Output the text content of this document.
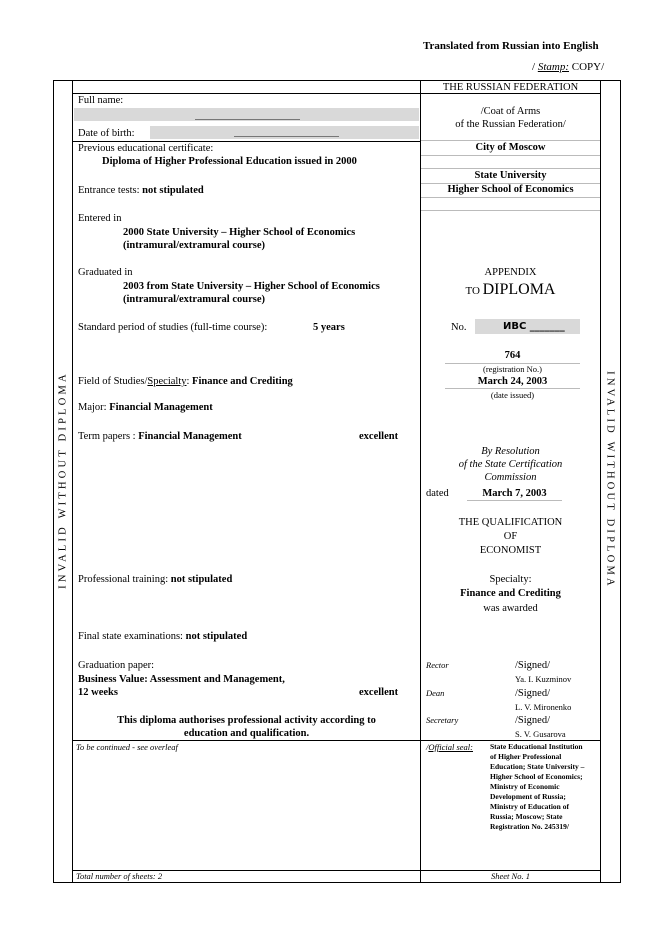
Translated from Russian into English
/ Stamp: COPY/
INVALID WITHOUT DIPLOMA	INVALID WITHOUT DIPLOMA
Full name:
Date of birth:
Previous educational certificate:
Diploma of Higher Professional Education issued in 2000
Entrance tests: not stipulated
Entered in
2000 State University – Higher School of Economics
(intramural/extramural course)
Graduated in
2003 from State University – Higher School of Economics
(intramural/extramural course)
Standard period of studies (full-time course):	5 years
Field of Studies/Specialty: Finance and Crediting
Major: Financial Management
Term papers : Financial Management	excellent
Professional training: not stipulated
Final state examinations: not stipulated
Graduation paper:
Business Value: Assessment and Management,
12 weeks	excellent
This diploma authorises professional activity according to
education and qualification.
To be continued - see overleaf
Total number of sheets: 2
THE RUSSIAN FEDERATION
/Coat of Arms
of the Russian Federation/
City of Moscow
State University
Higher School of Economics
APPENDIX
TO DIPLOMA
No.	ИВС _______
764
(registration No.)
March 24, 2003
(date issued)
By Resolution
of the State Certification
Commission
dated	March 7, 2003
THE QUALIFICATION
OF
ECONOMIST
Specialty:
Finance and Crediting
was awarded
Rector	/Signed/
Ya. I. Kuzminov
Dean	/Signed/
L. V. Mironenko
Secretary	/Signed/
S. V. Gusarova
/Official seal: State Educational Institution of Higher Professional Education; State University – Higher School of Economics; Ministry of Economic Development of Russia; Ministry of Education of Russia; Moscow; State Registration No. 245319/
Sheet No. 1
